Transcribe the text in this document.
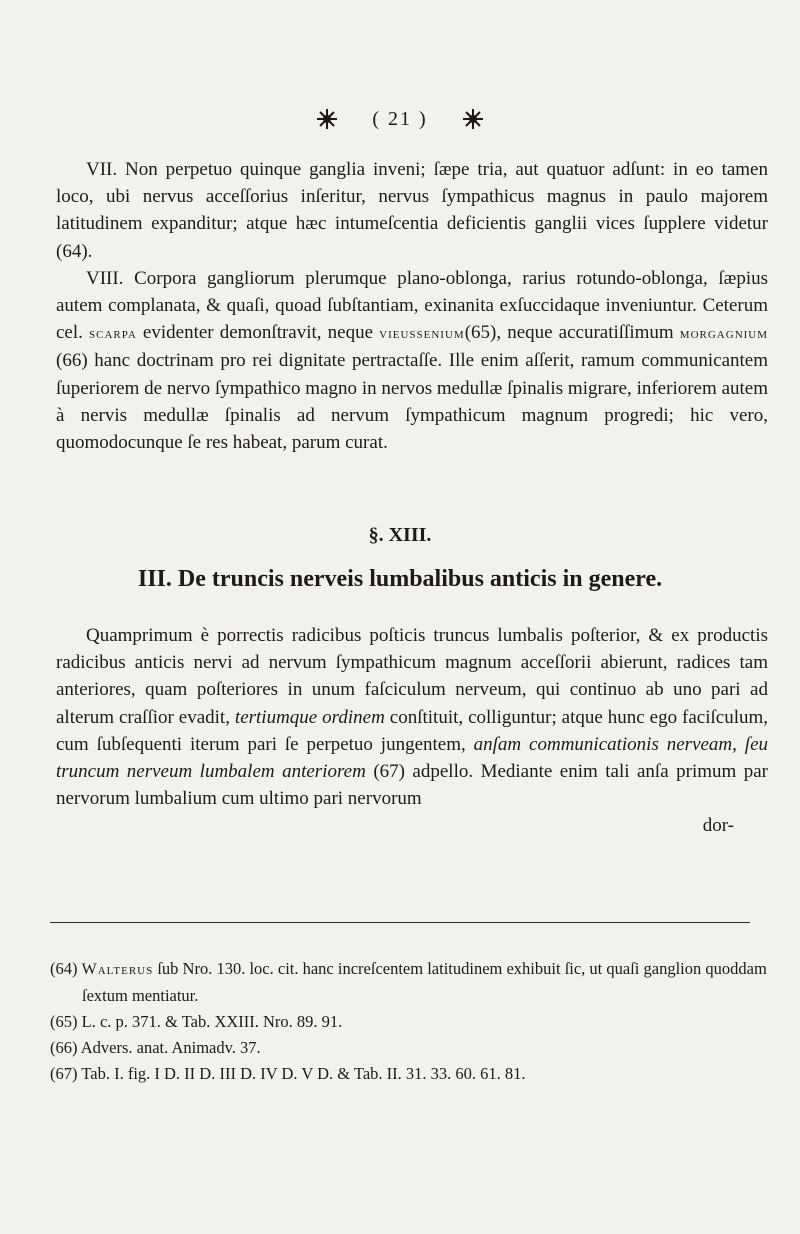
( 21 )

VII. Non perpetuo quinque ganglia inveni; ſæpe tria, aut quatuor adſunt: in eo tamen loco, ubi nervus acceſſorius inſeritur, nervus ſympathicus magnus in paulo majorem latitudinem expanditur; atque hæc intumeſcentia deficientis ganglii vices ſupplere videtur (64).

VIII. Corpora gangliorum plerumque plano-oblonga, rarius rotundo-oblonga, ſæpius autem complanata, & quaſi, quoad ſubſtantiam, exinanita exſuccidaque inveniuntur. Ceterum cel. scarpa evidenter demonſtravit, neque vieussenium(65), neque accuratiſſimum morgagnium (66) hanc doctrinam pro rei dignitate pertractaſſe. Ille enim aſſerit, ramum communicantem ſuperiorem de nervo ſympathico magno in nervos medullæ ſpinalis migrare, inferiorem autem à nervis medullæ ſpinalis ad nervum ſympathicum magnum progredi; hic vero, quomodocunque ſe res habeat, parum curat.

§. XIII.
III. De truncis nerveis lumbalibus anticis in genere.

Quamprimum è porrectis radicibus poſticis truncus lumbalis poſterior, & ex productis radicibus anticis nervi ad nervum ſympathicum magnum acceſſorii abierunt, radices tam anteriores, quam poſteriores in unum faſciculum nerveum, qui continuo ab uno pari ad alterum craſſior evadit, tertiumque ordinem conſtituit, colliguntur; atque hunc ego faciſculum, cum ſubſequenti iterum pari ſe perpetuo jungentem, anſam communicationis nerveam, ſeu truncum nerveum lumbalem anteriorem (67) adpello. Mediante enim tali anſa primum par nervorum lumbalium cum ultimo pari nervorum

dor-

(64) Walterus ſub Nro. 130. loc. cit. hanc increſcentem latitudinem exhibuit ſic, ut quaſi ganglion quoddam ſextum mentiatur.

(65) L. c. p. 371. & Tab. XXIII. Nro. 89. 91.

(66) Advers. anat. Animadv. 37.

(67) Tab. I. fig. I D. II D. III D. IV D. V D. & Tab. II. 31. 33. 60. 61. 81.
